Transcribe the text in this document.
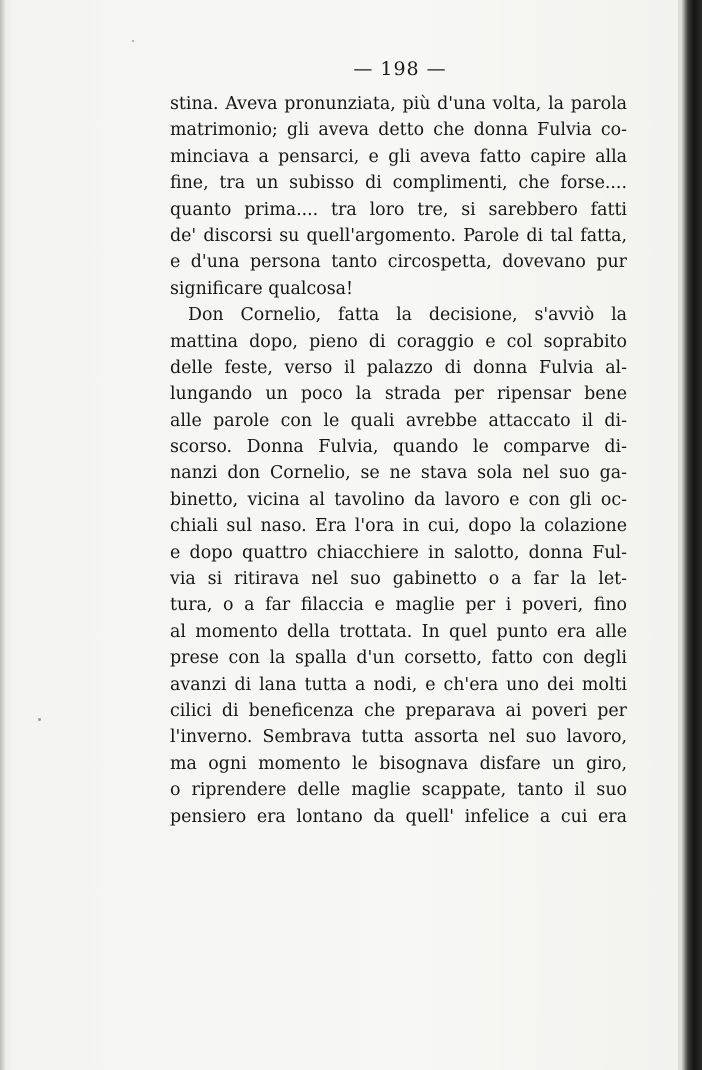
— 198 —
stina. Aveva pronunziata, più d'una volta, la parola
matrimonio; gli aveva detto che donna Fulvia co-
minciava a pensarci, e gli aveva fatto capire alla
fine, tra un subisso di complimenti, che forse....
quanto prima.... tra loro tre, si sarebbero fatti
de' discorsi su quell'argomento. Parole di tal fatta,
e d'una persona tanto circospetta, dovevano pur
significare qualcosa!
Don Cornelio, fatta la decisione, s'avviò la
mattina dopo, pieno di coraggio e col soprabito
delle feste, verso il palazzo di donna Fulvia al-
lungando un poco la strada per ripensar bene
alle parole con le quali avrebbe attaccato il di-
scorso. Donna Fulvia, quando le comparve di-
nanzi don Cornelio, se ne stava sola nel suo ga-
binetto, vicina al tavolino da lavoro e con gli oc-
chiali sul naso. Era l'ora in cui, dopo la colazione
e dopo quattro chiacchiere in salotto, donna Ful-
via si ritirava nel suo gabinetto o a far la let-
tura, o a far filaccia e maglie per i poveri, fino
al momento della trottata. In quel punto era alle
prese con la spalla d'un corsetto, fatto con degli
avanzi di lana tutta a nodi, e ch'era uno dei molti
cilici di beneficenza che preparava ai poveri per
l'inverno. Sembrava tutta assorta nel suo lavoro,
ma ogni momento le bisognava disfare un giro,
o riprendere delle maglie scappate, tanto il suo
pensiero era lontano da quell' infelice a cui era
